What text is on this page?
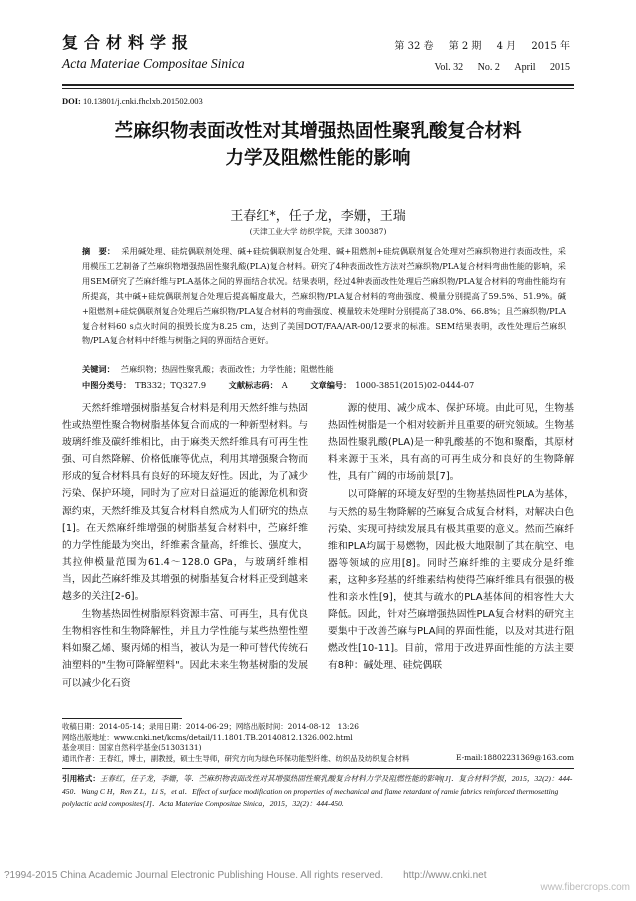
复合材料学报
Acta Materiae Compositae Sinica
第 32 卷 第 2 期 4 月 2015 年
Vol. 32 No. 2 April 2015
DOI: 10.13801/j.cnki.fhclxb.201502.003
苎麻织物表面改性对其增强热固性聚乳酸复合材料
力学及阻燃性能的影响
王春红*，任子龙，李姗，王瑞
(天津工业大学 纺织学院，天津 300387)
摘　要： 采用碱处理、硅烷偶联剂处理、碱+硅烷偶联剂复合处理、碱+阻燃剂+硅烷偶联剂复合处理对苎麻织物进行表面改性，采用模压工艺制备了苎麻织物增强热固性聚乳酸(PLA)复合材料。研究了4种表面改性方法对苎麻织物/PLA复合材料弯曲性能的影响，采用SEM研究了苎麻纤维与PLA基体之间的界面结合状况。结果表明，经过4种表面改性处理后苎麻织物/PLA复合材料的弯曲性能均有所提高，其中碱+硅烷偶联剂复合处理后提高幅度最大，苎麻织物/PLA复合材料的弯曲强度、模量分别提高了59.5%、51.9%。碱+阻燃剂+硅烷偶联剂复合处理后苎麻织物/PLA复合材料的弯曲强度、模量较未处理时分别提高了38.0%、66.8%；且苎麻织物/PLA复合材料60 s点火时间的损毁长度为8.25 cm，达到了美国DOT/FAA/AR-00/12要求的标准。SEM结果表明，改性处理后苎麻织物/PLA复合材料中纤维与树脂之间的界面结合更好。
关键词： 苎麻织物；热固性聚乳酸；表面改性；力学性能；阻燃性能
中图分类号： TB332；TQ327.9	文献标志码： A	文章编号： 1000-3851(2015)02-0444-07

天然纤维增强树脂基复合材料是利用天然纤维与热固性或热塑性聚合物树脂基体复合而成的一种新型材料。与玻璃纤维及碳纤维相比，由于麻类天然纤维具有可再生性强、可自然降解、价格低廉等优点，利用其增强聚合物而形成的复合材料具有良好的环境友好性。因此，为了减少污染、保护环境，同时为了应对日益逼近的能源危机和资源约束，天然纤维及其复合材料自然成为人们研究的热点[1]。在天然麻纤维增强的树脂基复合材料中，苎麻纤维的力学性能最为突出，纤维素含量高，纤维长、强度大，其拉伸模量范围为61.4～128.0 GPa，与玻璃纤维相当，因此苎麻纤维及其增强的树脂基复合材料正受到越来越多的关注[2-6]。

生物基热固性树脂原料资源丰富、可再生，具有优良生物相容性和生物降解性，并且力学性能与某些热塑性塑料如聚乙烯、聚丙烯的相当，被认为是一种可替代传统石油塑料的"生物可降解塑料"。因此未来生物基树脂的发展可以减少化石资

源的使用、减少成本、保护环境。由此可见，生物基热固性树脂是一个相对较新并且重要的研究领域。生物基热固性聚乳酸(PLA)是一种乳酸基的不饱和聚酯，其原材料来源于玉米，具有高的可再生成分和良好的生物降解性，具有广阔的市场前景[7]。

以可降解的环境友好型的生物基热固性PLA为基体，与天然的易生物降解的苎麻复合成复合材料，对解决白色污染、实现可持续发展具有极其重要的意义。然而苎麻纤维和PLA均属于易燃物，因此极大地限制了其在航空、电器等领域的应用[8]。同时苎麻纤维的主要成分是纤维素，这种多羟基的纤维素结构使得苎麻纤维具有很强的极性和亲水性[9]，使其与疏水的PLA基体间的相容性大大降低。因此，针对苎麻增强热固性PLA复合材料的研究主要集中于改善苎麻与PLA间的界面性能，以及对其进行阻燃改性[10-11]。目前，常用于改进界面性能的方法主要有8种：碱处理、硅烷偶联

收稿日期：2014-05-14；录用日期：2014-06-29；网络出版时间：2014-08-12　13:26
网络出版地址：www.cnki.net/kcms/detail/11.1801.TB.20140812.1326.002.html
基金项目：国家自然科学基金(51303131)
通讯作者：王春红，博士，副教授，硕士生导师，研究方向为绿色环保功能型纤维、纺织品及纺织复合材料	E-mail:18802231369@163.com
引用格式：王春红，任子龙，李姗，等．苎麻织物表面改性对其增强热固性聚乳酸复合材料力学及阻燃性能的影响[J]．复合材料学报，2015，32(2)：444-450．Wang C H，Ren Z L，Li S，et al．Effect of surface modification on properties of mechanical and flame retardant of ramie fabrics reinforced thermosetting polylactic acid composites[J]．Acta Materiae Compositae Sinica，2015，32(2)：444-450.
?1994-2015 China Academic Journal Electronic Publishing House. All rights reserved.　　http://www.cnki.net
www.fibercrops.com
